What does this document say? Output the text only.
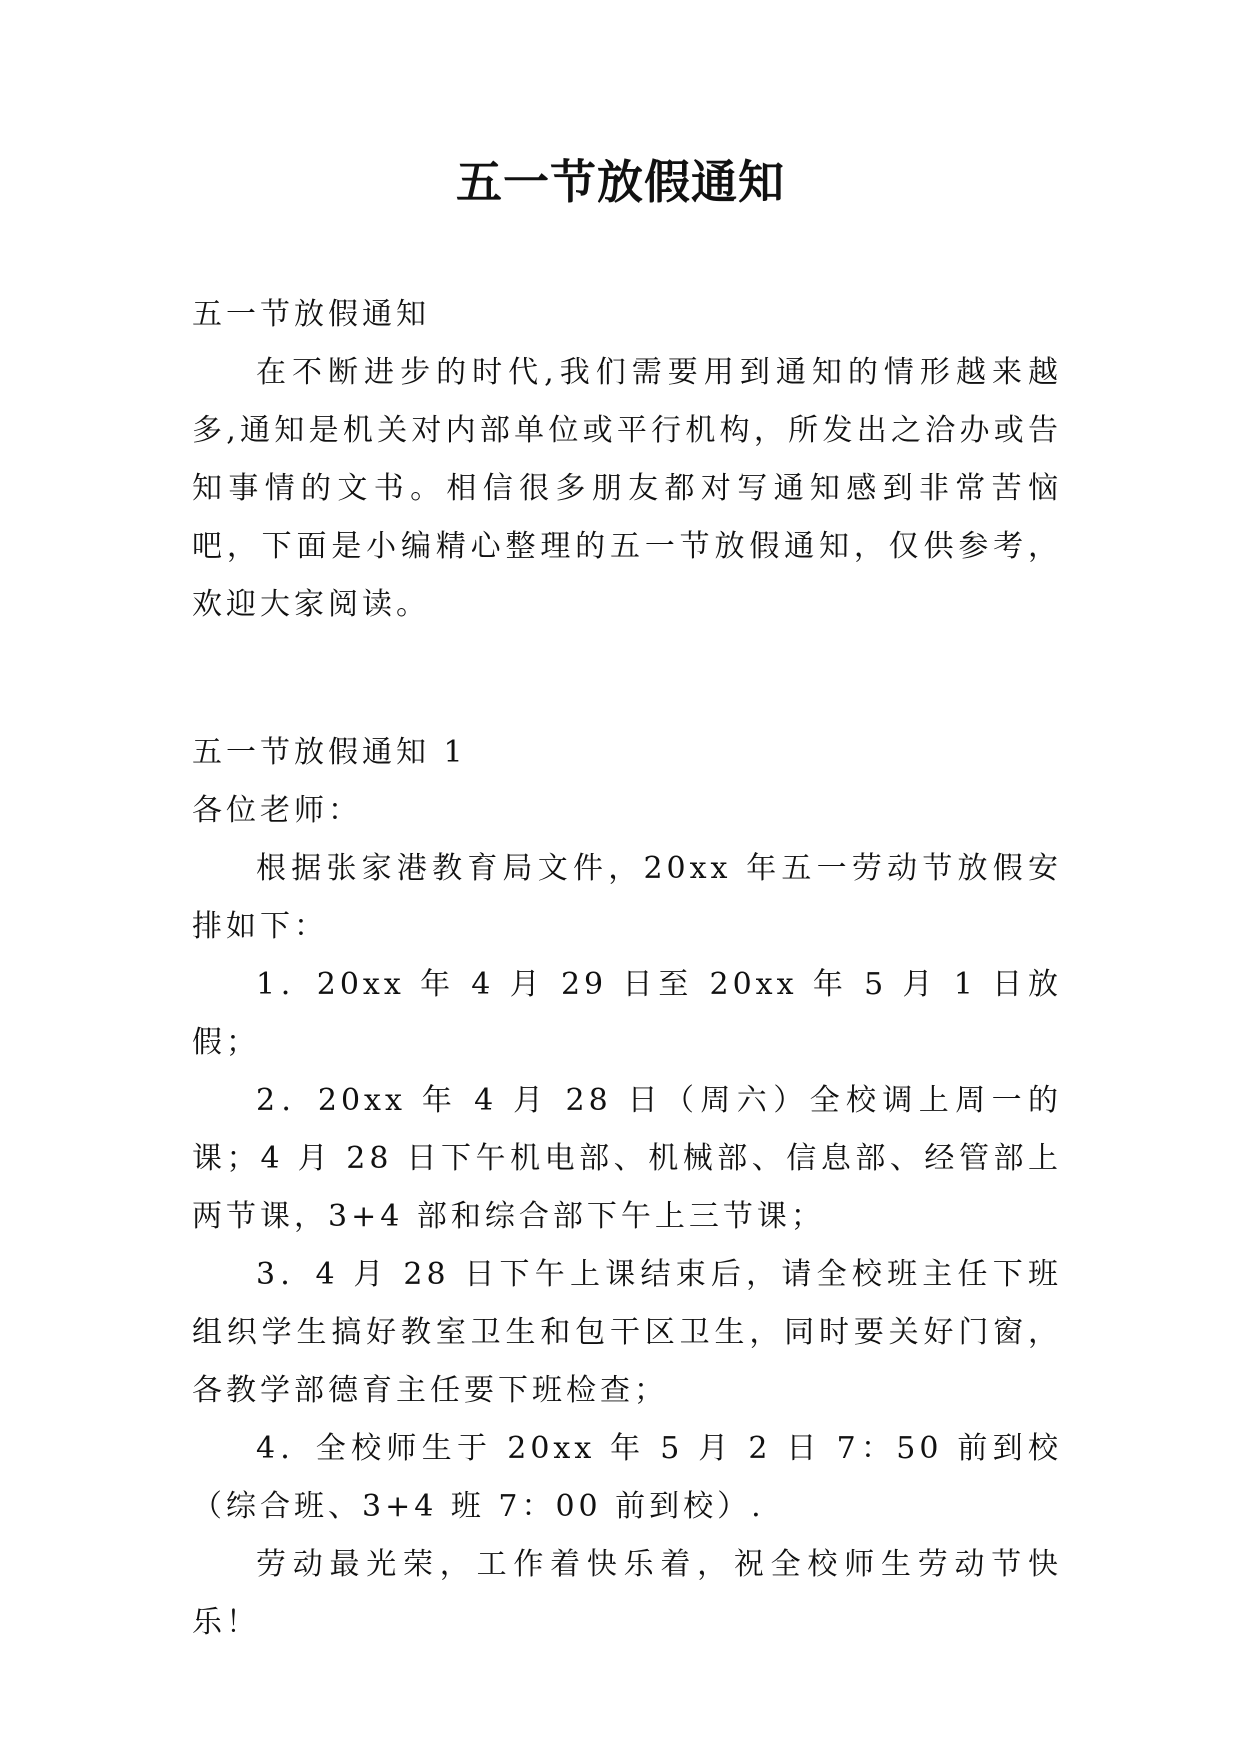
五一节放假通知

五一节放假通知

在不断进步的时代,我们需要用到通知的情形越来越多,通知是机关对内部单位或平行机构，所发出之洽办或告知事情的文书。相信很多朋友都对写通知感到非常苦恼吧，下面是小编精心整理的五一节放假通知，仅供参考，欢迎大家阅读。

五一节放假通知 1

各位老师：

根据张家港教育局文件，20xx 年五一劳动节放假安排如下：

1．20xx 年 4 月 29 日至 20xx 年 5 月 1 日放假；

2．20xx 年 4 月 28 日（周六）全校调上周一的课；4 月 28 日下午机电部、机械部、信息部、经管部上两节课，3+4 部和综合部下午上三节课；

3．4 月 28 日下午上课结束后，请全校班主任下班组织学生搞好教室卫生和包干区卫生，同时要关好门窗，各教学部德育主任要下班检查；

4．全校师生于 20xx 年 5 月 2 日 7：50 前到校（综合班、3+4 班 7：00 前到校）.

劳动最光荣，工作着快乐着，祝全校师生劳动节快乐！
